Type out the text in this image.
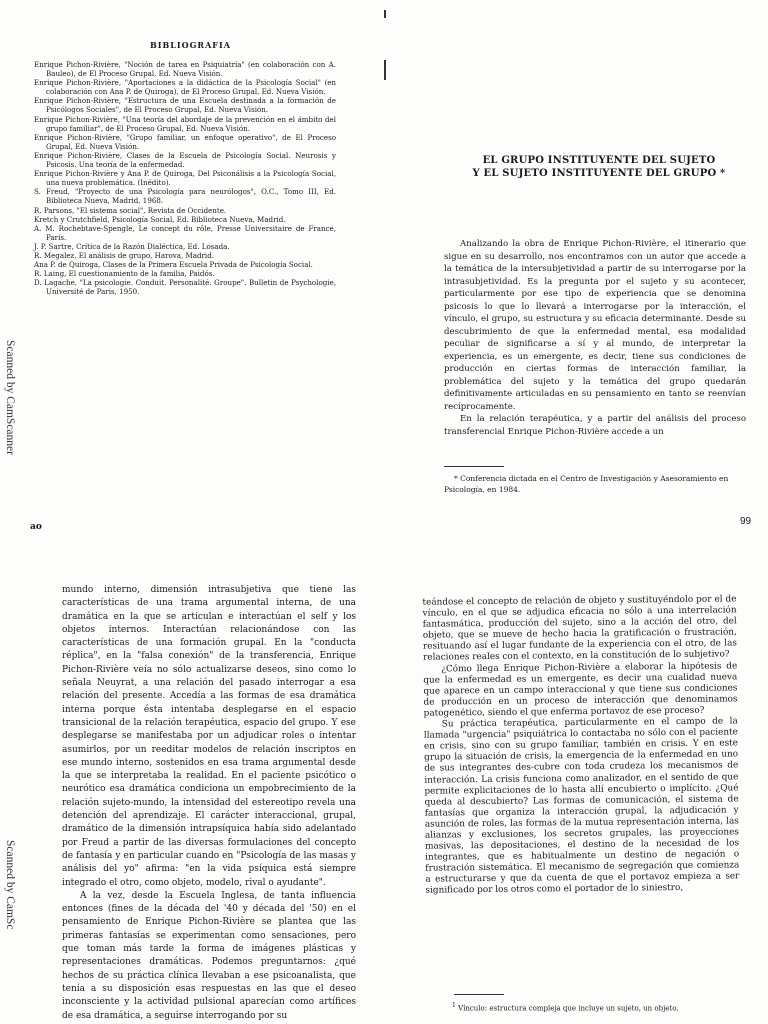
BIBLIOGRAFIA
Enrique Pichon-Rivière, "Noción de tarea en Psiquiatría" (en colaboración con A. Bauleo), de El Proceso Grupal, Ed. Nueva Visión.
Enrique Pichon-Rivière, "Aportaciones a la didáctica de la Psicología Social" (en colaboración con Ana P. de Quiroga), de El Proceso Grupal, Ed. Nueva Visión.
Enrique Pichon-Rivière, "Estructura de una Escuela destinada a la formación de Psicólogos Sociales", de El Proceso Grupal, Ed. Nueva Visión.
Enrique Pichon-Rivière, "Una teoría del abordaje de la prevención en el ámbito del grupo familiar", de El Proceso Grupal, Ed. Nueva Visión.
Enrique Pichon-Rivière, "Grupo familiar, un enfoque operativo", de El Proceso Grupal, Ed. Nueva Visión.
Enrique Pichon-Rivière, Clases de la Escuela de Psicología Social. Neurosis y Psicosis. Una teoría de la enfermedad.
Enrique Pichon-Rivière y Ana P. de Quiroga, Del Psiconálisis a la Psicología Social, una nueva problemática. (Inédito).
S. Freud, "Proyecto de una Psicología para neurólogos", O.C., Tomo III, Ed. Biblioteca Nueva, Madrid, 1968.
R. Parsons, "El sistema social", Revista de Occidente.
Kretch y Crutchfield, Psicología Social, Ed. Biblioteca Nueva, Madrid.
A. M. Rochebtave-Spengle, Le concept du rôle, Presse Universitaire de France, París.
J. P. Sartre, Crítica de la Razón Dialéctica, Ed. Losada.
R. Megalez, El análisis de grupo, Harova, Madrid.
Ana P. de Quiroga, Clases de la Primera Escuela Privada de Psicología Social.
R. Laing, El cuestionamiento de la familia, Paidós.
D. Lagache, "La psicologie. Conduit. Personalité. Groupe". Bulletin de Psychologie, Université de Paris, 1950.
Scanned by CamScanner
ao
EL GRUPO INSTITUYENTE DEL SUJETO
Y EL SUJETO INSTITUYENTE DEL GRUPO *

Analizando la obra de Enrique Pichon-Rivière, el itinerario que sigue en su desarrollo, nos encontramos con un autor que accede a la temática de la intersubjetividad a partir de su interrogarse por la intrasubjetividad. Es la pregunta por el sujeto y su acontecer, particularmente por ese tipo de experiencia que se denomina psicosis lo que lo llevará a interrogarse por la interacción, el vínculo, el grupo, su estructura y su eficacia determinante. Desde su descubrimiento de que la enfermedad mental, esa modalidad peculiar de significarse a sí y al mundo, de interpretar la experiencia, es un emergente, es decir, tiene sus condiciones de producción en ciertas formas de interacción familiar, la problemática del sujeto y la temática del grupo quedarán definitivamente articuladas en su pensamiento en tanto se reenvían recíprocamente.

En la relación terapéutica, y a partir del análisis del proceso transferencial Enrique Pichon-Rivière accede a un

* Conferencia dictada en el Centro de Investigación y Asesoramiento en Psicología, en 1984.

99

mundo interno, dimensión intrasubjetiva que tiene las características de una trama argumental interna, de una dramática en la que se articulan e interactúan el self y los objetos internos. Interactúan relacionándose con las características de una formación grupal. En la "conducta réplica", en la "falsa conexión" de la transferencia, Enrique Pichon-Rivière veía no sólo actualizarse deseos, sino como lo señala Neuyrat, a una relación del pasado interrogar a esa relación del presente. Accedía a las formas de esa dramática interna porque ésta intentaba desplegarse en el espacio transicional de la relación terapéutica, espacio del grupo. Y ese desplegarse se manifestaba por un adjudicar roles o intentar asumirlos, por un reeditar modelos de relación inscriptos en ese mundo interno, sostenidos en esa trama argumental desde la que se interpretaba la realidad. En el paciente psicótico o neurótico esa dramática condiciona un empobrecimiento de la relación sujeto-mundo, la intensidad del estereotipo revela una detención del aprendizaje. El carácter interaccional, grupal, dramático de la dimensión intrapsíquica había sido adelantado por Freud a partir de las diversas formulaciones del concepto de fantasía y en particular cuando en "Psicología de las masas y análisis del yo" afirma: "en la vida psíquica está siempre integrado el otro, como objeto, modelo, rival o ayudante".

A la vez, desde la Escuela Inglesa, de tanta influencia entonces (fines de la década del '40 y década del '50) en el pensamiento de Enrique Pichon-Rivière se plantea que las primeras fantasías se experimentan como sensaciones, pero que toman más tarde la forma de imágenes plásticas y representaciones dramáticas. Podemos preguntarnos: ¿qué hechos de su práctica clínica llevaban a ese psicoanalista, que tenía a su disposición esas respuestas en las que el deseo inconsciente y la actividad pulsional aparecían como artífices de esa dramática, a seguirse interrogando por su

Scanned by CamSc

teándose el concepto de relación de objeto y sustituyéndolo por el de vínculo, en el que se adjudica eficacia no sólo a una interrelación fantasmática, producción del sujeto, sino a la acción del otro, del objeto, que se mueve de hecho hacia la gratificación o frustración, resituando así el lugar fundante de la experiencia con el otro, de las relaciones reales con el contexto, en la constitución de lo subjetivo?

¿Cómo llega Enrique Pichon-Rivière a elaborar la hipótesis de que la enfermedad es un emergente, es decir una cualidad nueva que aparece en un campo interaccional y que tiene sus condiciones de producción en un proceso de interacción que denominamos patogenético, siendo el que enferma portavoz de ese proceso?

Su práctica terapéutica, particularmente en el campo de la llamada "urgencia" psiquiátrica lo contactaba no sólo con el paciente en crisis, sino con su grupo familiar, también en crisis. Y en este grupo la situación de crisis, la emergencia de la enfermedad en uno de sus integrantes des-cubre con toda crudeza los mecanismos de interacción. La crisis funciona como analizador, en el sentido de que permite explicitaciones de lo hasta allí encubierto o implícito. ¿Qué queda al descubierto? Las formas de comunicación, el sistema de fantasías que organiza la interacción grupal, la adjudicación y asunción de roles, las formas de la mutua representación interna, las alianzas y exclusiones, los secretos grupales, las proyecciones masivas, las depositaciones, el destino de la necesidad de los integrantes, que es habitualmente un destino de negación o frustración sistemática. El mecanismo de segregación que comienza a estructurarse y que da cuenta de que el portavoz empieza a ser significado por los otros como el portador de lo siniestro,

$^1$ Vínculo: estructura compleja que incluye un sujeto, un objeto,
